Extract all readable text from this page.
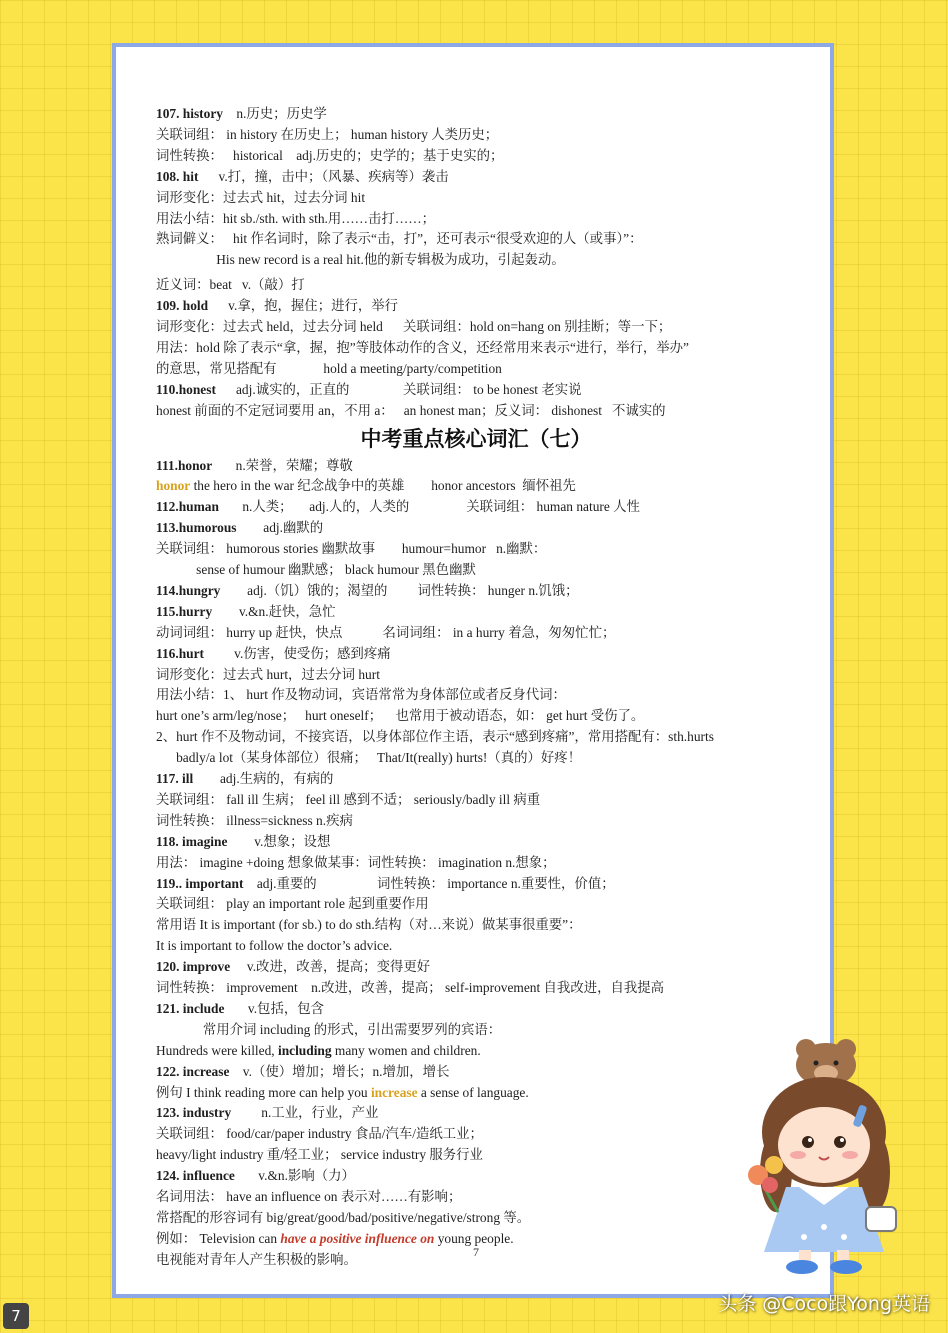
107. history    n.历史；历史学
关联词组： in history 在历史上； human history 人类历史；
词性转换：   historical    adj.历史的；史学的；基于史实的；
108. hit      v.打，撞，击中；（风暴、疾病等）袭击
词形变化：过去式 hit，过去分词 hit
用法小结：hit sb./sth. with sth.用……击打……；
熟词僻义：   hit 作名词时，除了表示“击，打”，还可表示“很受欢迎的人（或事）”：
His new record is a real hit.他的新专辑极为成功，引起轰动。
近义词：beat   v.（敲）打
109. hold      v.拿，抱，握住；进行，举行
词形变化：过去式 held，过去分词 held      关联词组：hold on=hang on 别挂断；等一下；
用法：hold 除了表示“拿，握，抱”等肢体动作的含义，还经常用来表示“进行，举行，举办”
的意思，常见搭配有              hold a meeting/party/competition
110.honest      adj.诚实的，正直的                关联词组： to be honest 老实说
honest 前面的不定冠词要用 an，不用 a：   an honest man；反义词： dishonest   不诚实的
中考重点核心词汇（七）
111.honor       n.荣誉，荣耀；尊敬
honor the hero in the war 纪念战争中的英雄        honor ancestors  缅怀祖先
112.human       n.人类；     adj.人的，人类的                 关联词组： human nature 人性
113.humorous        adj.幽默的
关联词组： humorous stories 幽默故事        humour=humor   n.幽默：
sense of humour 幽默感； black humour 黑色幽默
114.hungry        adj.（饥）饿的；渴望的         词性转换： hunger n.饥饿；
115.hurry        v.&n.赶快，急忙
动词词组： hurry up 赶快，快点            名词词组： in a hurry 着急，匆匆忙忙；
116.hurt         v.伤害，使受伤；感到疼痛
词形变化：过去式 hurt，过去分词 hurt
用法小结：1、 hurt 作及物动词，宾语常常为身体部位或者反身代词：
hurt one’s arm/leg/nose；   hurt oneself；    也常用于被动语态，如： get hurt 受伤了。
2、hurt 作不及物动词，不接宾语，以身体部位作主语，表示“感到疼痛”，常用搭配有：sth.hurts
badly/a lot（某身体部位）很痛；   That/It(really) hurts!（真的）好疼！
117. ill        adj.生病的，有病的
关联词组： fall ill 生病； feel ill 感到不适； seriously/badly ill 病重
词性转换： illness=sickness n.疾病
118. imagine        v.想象；设想
用法： imagine +doing 想象做某事：词性转换： imagination n.想象；
119.. important    adj.重要的                  词性转换： importance n.重要性，价值；
关联词组： play an important role 起到重要作用
常用语 It is important (for sb.) to do sth.结构（对…来说）做某事很重要”：
It is important to follow the doctor’s advice.
120. improve     v.改进，改善，提高；变得更好
词性转换： improvement    n.改进，改善，提高； self-improvement 自我改进，自我提高
121. include       v.包括，包含
常用介词 including 的形式，引出需要罗列的宾语：
Hundreds were killed, including many women and children.
122. increase    v.（使）增加；增长；n.增加，增长
例句 I think reading more can help you increase a sense of language.
123. industry         n.工业，行业，产业
关联词组： food/car/paper industry 食品/汽车/造纸工业；
heavy/light industry 重/轻工业； service industry 服务行业
124. influence       v.&n.影响（力）
名词用法： have an influence on 表示对……有影响；
常搭配的形容词有 big/great/good/bad/positive/negative/strong 等。
例如： Television can have a positive influence on young people.
电视能对青年人产生积极的影响。	7
7
头条 @Coco跟Yong英语
